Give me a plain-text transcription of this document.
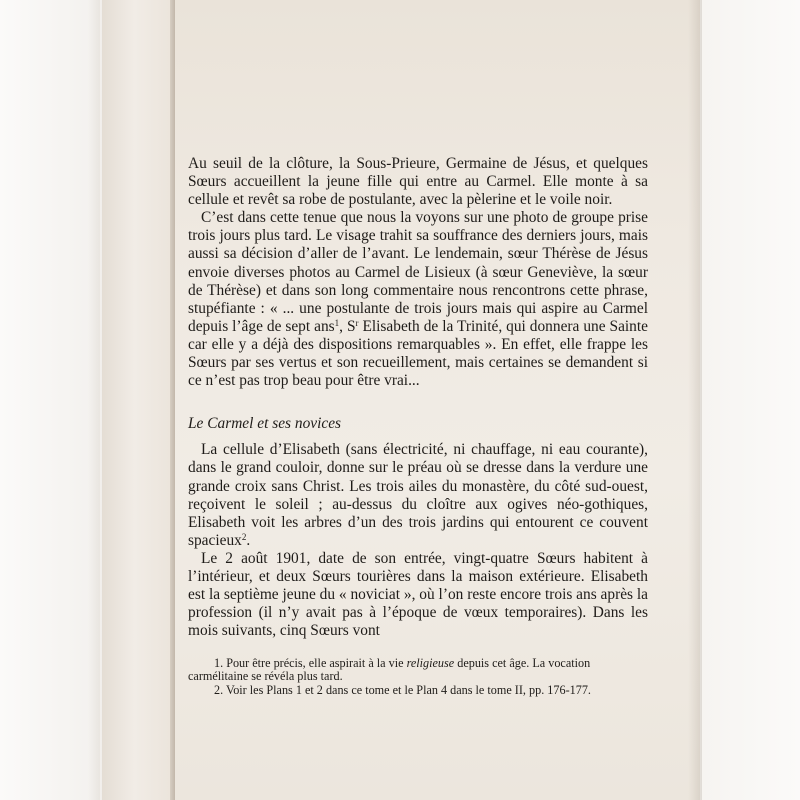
Au seuil de la clôture, la Sous-Prieure, Germaine de Jésus, et quelques Sœurs accueillent la jeune fille qui entre au Carmel. Elle monte à sa cellule et revêt sa robe de postulante, avec la pèlerine et le voile noir.

C’est dans cette tenue que nous la voyons sur une photo de groupe prise trois jours plus tard. Le visage trahit sa souffrance des derniers jours, mais aussi sa décision d’aller de l’avant. Le lendemain, sœur Thérèse de Jésus envoie diverses photos au Carmel de Lisieux (à sœur Geneviève, la sœur de Thérèse) et dans son long commentaire nous rencontrons cette phrase, stupéfiante : « ... une postulante de trois jours mais qui aspire au Carmel depuis l’âge de sept ans$^1$, $S^r$ Elisabeth de la Trinité, qui donnera une Sainte car elle y a déjà des dispositions remarquables ». En effet, elle frappe les Sœurs par ses vertus et son recueillement, mais certaines se demandent si ce n’est pas trop beau pour être vrai...

Le Carmel et ses novices

La cellule d’Elisabeth (sans électricité, ni chauffage, ni eau courante), dans le grand couloir, donne sur le préau où se dresse dans la verdure une grande croix sans Christ. Les trois ailes du monastère, du côté sud-ouest, reçoivent le soleil ; au-dessus du cloître aux ogives néo-gothiques, Elisabeth voit les arbres d’un des trois jardins qui entourent ce couvent spacieux$^2$.

Le 2 août 1901, date de son entrée, vingt-quatre Sœurs habitent à l’intérieur, et deux Sœurs tourières dans la maison extérieure. Elisabeth est la septième jeune du « noviciat », où l’on reste encore trois ans après la profession (il n’y avait pas à l’époque de vœux temporaires). Dans les mois suivants, cinq Sœurs vont

1. Pour être précis, elle aspirait à la vie religieuse depuis cet âge. La vocation carmélitaine se révéla plus tard.

2. Voir les Plans 1 et 2 dans ce tome et le Plan 4 dans le tome II, pp. 176-177.
